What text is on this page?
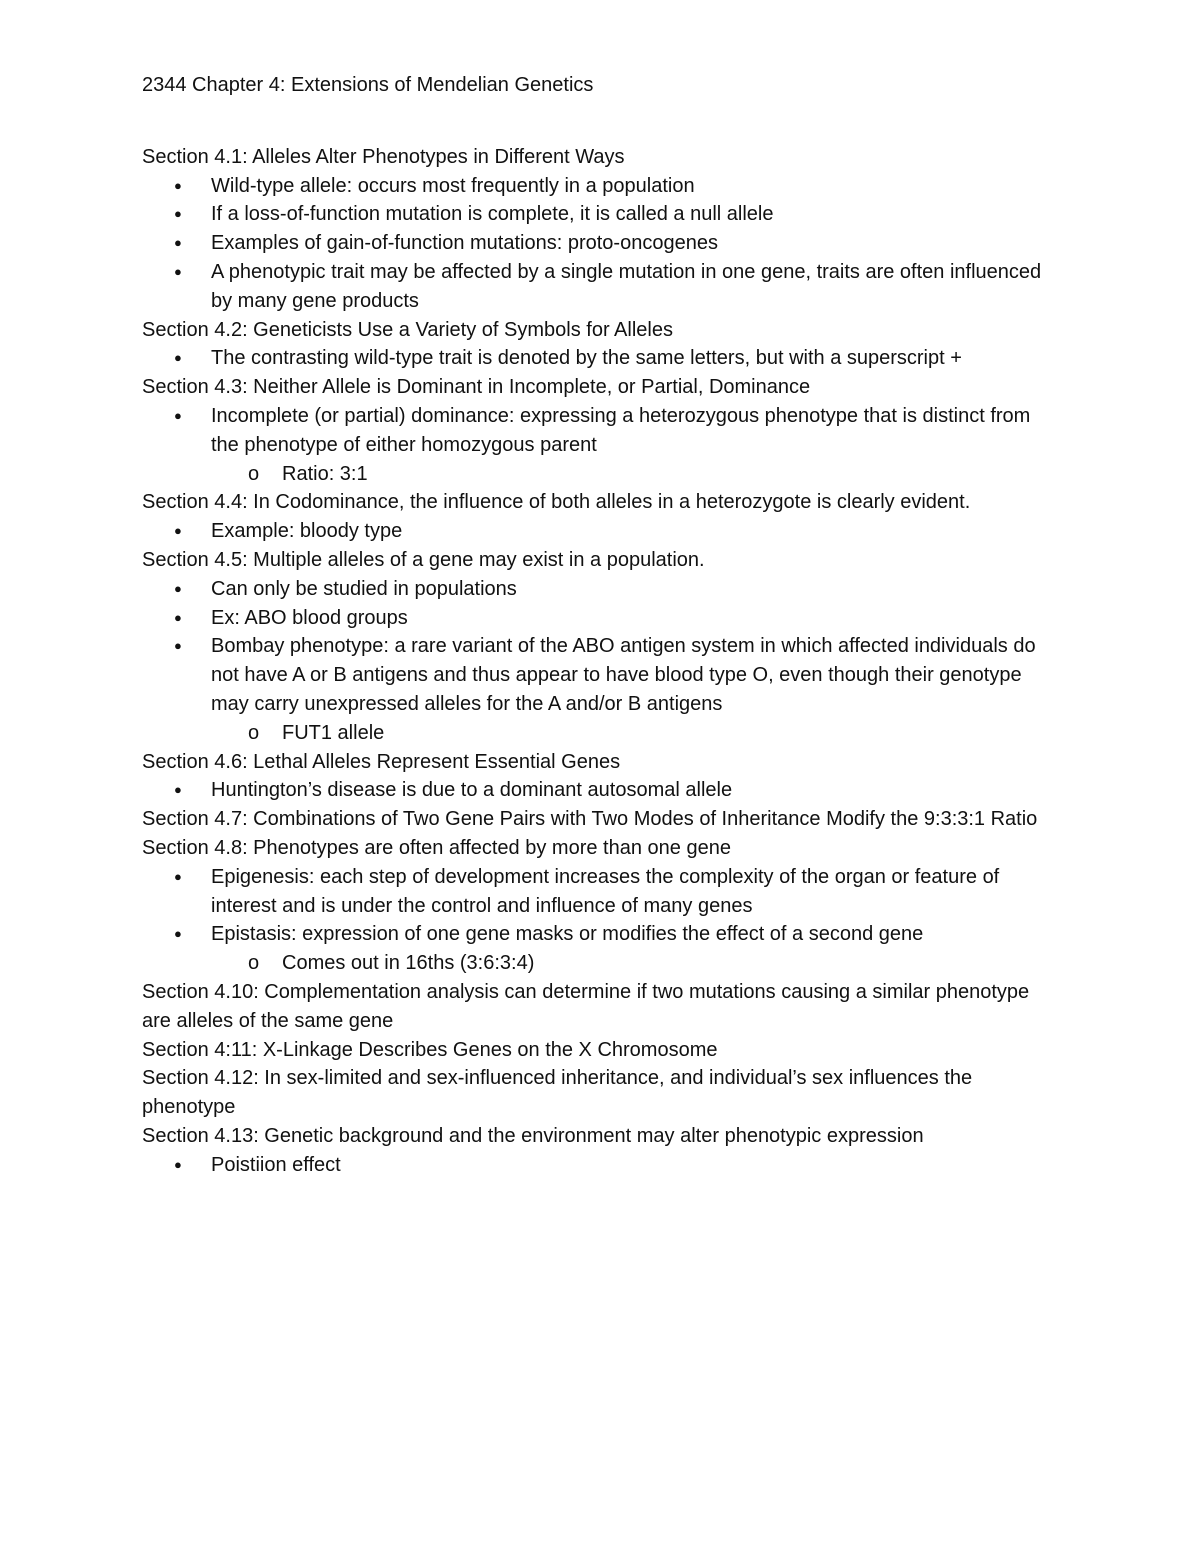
2344 Chapter 4: Extensions of Mendelian Genetics
Section 4.1: Alleles Alter Phenotypes in Different Ways
● Wild-type allele: occurs most frequently in a population
● If a loss-of-function mutation is complete, it is called a null allele
● Examples of gain-of-function mutations: proto-oncogenes
● A phenotypic trait may be affected by a single mutation in one gene, traits are often influenced by many gene products
Section 4.2: Geneticists Use a Variety of Symbols for Alleles
● The contrasting wild-type trait is denoted by the same letters, but with a superscript +
Section 4.3: Neither Allele is Dominant in Incomplete, or Partial, Dominance
● Incomplete (or partial) dominance: expressing a heterozygous phenotype that is distinct from the phenotype of either homozygous parent
o Ratio: 3:1
Section 4.4: In Codominance, the influence of both alleles in a heterozygote is clearly evident.
● Example: bloody type
Section 4.5: Multiple alleles of a gene may exist in a population.
● Can only be studied in populations
● Ex: ABO blood groups
● Bombay phenotype: a rare variant of the ABO antigen system in which affected individuals do not have A or B antigens and thus appear to have blood type O, even though their genotype may carry unexpressed alleles for the A and/or B antigens
o FUT1 allele
Section 4.6: Lethal Alleles Represent Essential Genes
● Huntington’s disease is due to a dominant autosomal allele
Section 4.7: Combinations of Two Gene Pairs with Two Modes of Inheritance Modify the 9:3:3:1 Ratio
Section 4.8: Phenotypes are often affected by more than one gene
● Epigenesis: each step of development increases the complexity of the organ or feature of interest and is under the control and influence of many genes
● Epistasis: expression of one gene masks or modifies the effect of a second gene
o Comes out in 16ths (3:6:3:4)
Section 4.10: Complementation analysis can determine if two mutations causing a similar phenotype are alleles of the same gene
Section 4:11: X-Linkage Describes Genes on the X Chromosome
Section 4.12: In sex-limited and sex-influenced inheritance, and individual’s sex influences the phenotype
Section 4.13: Genetic background and the environment may alter phenotypic expression
● Poistiion effect
